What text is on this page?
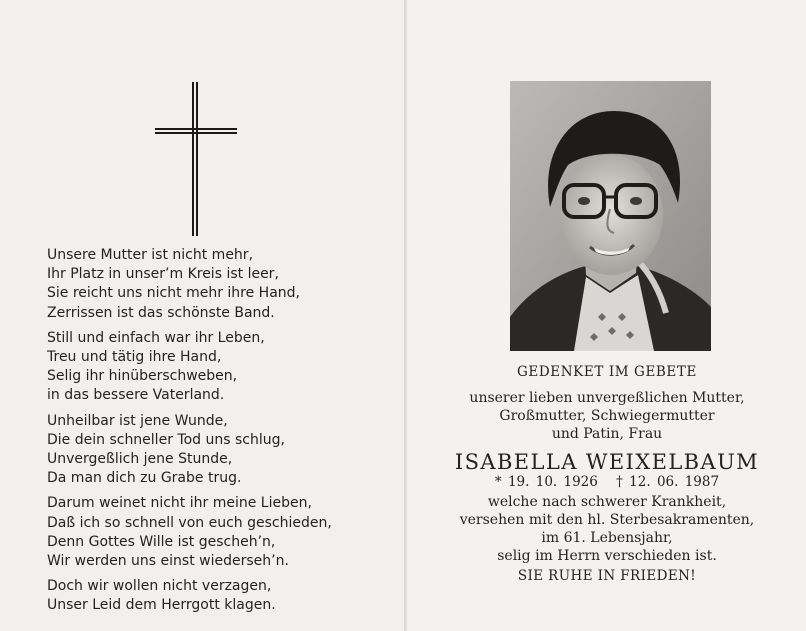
Unsere Mutter ist nicht mehr,
Ihr Platz in unser’m Kreis ist leer,
Sie reicht uns nicht mehr ihre Hand,
Zerrissen ist das schönste Band.

Still und einfach war ihr Leben,
Treu und tätig ihre Hand,
Selig ihr hinüberschweben,
in das bessere Vaterland.

Unheilbar ist jene Wunde,
Die dein schneller Tod uns schlug,
Unvergeßlich jene Stunde,
Da man dich zu Grabe trug.

Darum weinet nicht ihr meine Lieben,
Daß ich so schnell von euch geschieden,
Denn Gottes Wille ist gescheh’n,
Wir werden uns einst wiederseh’n.

Doch wir wollen nicht verzagen,
Unser Leid dem Herrgott klagen.

GEDENKET IM GEBETE
unserer lieben unvergeßlichen Mutter,
Großmutter, Schwiegermutter
und Patin, Frau
ISABELLA WEIXELBAUM
* 19. 10. 1926 † 12. 06. 1987
welche nach schwerer Krankheit,
versehen mit den hl. Sterbesakramenten,
im 61. Lebensjahr,
selig im Herrn verschieden ist.
SIE RUHE IN FRIEDEN!
